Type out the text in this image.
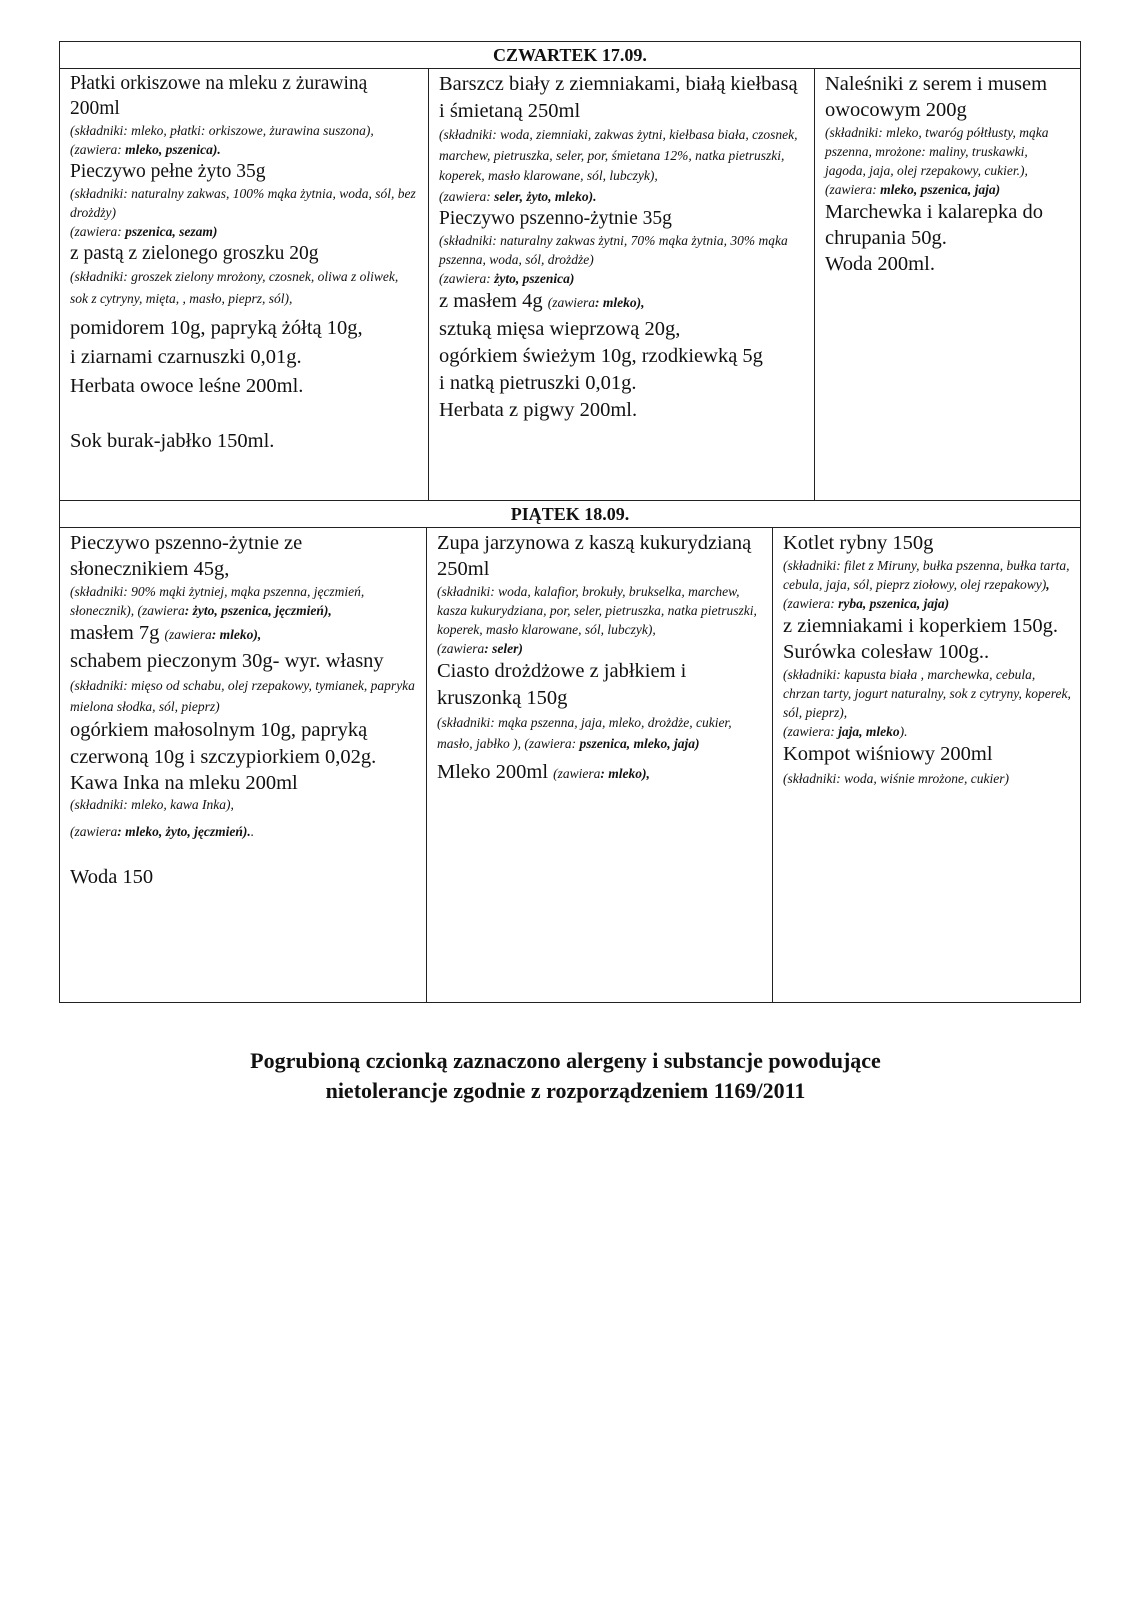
CZWARTEK 17.09.

Płatki orkiszowe na mleku z żurawiną 200ml

(składniki: mleko, płatki: orkiszowe, żurawina suszona),(zawiera: mleko, pszenica).

Pieczywo pełne żyto 35g

(składniki: naturalny zakwas, 100% mąka żytnia, woda, sól, bez drożdży)

(zawiera: pszenica, sezam)

z pastą z zielonego groszku 20g

(składniki: groszek zielony mrożony, czosnek, oliwa z oliwek, sok z cytryny, mięta, , masło, pieprz, sól),

pomidorem 10g, papryką żółtą 10g,

i ziarnami czarnuszki 0,01g.

Herbata owoce leśne 200ml.

Sok burak-jabłko 150ml.

Barszcz biały z ziemniakami, białą kiełbasą i śmietaną 250ml

(składniki: woda, ziemniaki, zakwas żytni, kiełbasa biała, czosnek, marchew, pietruszka, seler, por, śmietana 12%, natka pietruszki, koperek, masło klarowane, sól, lubczyk),

(zawiera: seler, żyto, mleko).

Pieczywo pszenno-żytnie 35g

(składniki: naturalny zakwas żytni, 70% mąka żytnia, 30% mąka pszenna, woda, sól, drożdże)

(zawiera: żyto, pszenica)

z masłem 4g (zawiera: mleko),

sztuką mięsa wieprzową 20g,

ogórkiem świeżym 10g, rzodkiewką 5g

i natką pietruszki 0,01g.

Herbata z pigwy 200ml.

Naleśniki z serem i musem owocowym 200g

(składniki: mleko, twaróg półtłusty, mąka pszenna, mrożone: maliny, truskawki, jagoda, jaja, olej rzepakowy, cukier.),

(zawiera: mleko, pszenica, jaja)

Marchewka i kalarepka do chrupania 50g.

Woda 200ml.

PIĄTEK 18.09.

Pieczywo pszenno-żytnie ze słonecznikiem 45g,

(składniki: 90% mąki żytniej, mąka pszenna, jęczmień, słonecznik), (zawiera: żyto, pszenica, jęczmień),

masłem 7g (zawiera: mleko),

schabem pieczonym 30g- wyr. własny

(składniki: mięso od schabu, olej rzepakowy, tymianek, papryka mielona słodka, sól, pieprz)

ogórkiem małosolnym 10g, papryką czerwoną 10g i szczypiorkiem 0,02g.

Kawa Inka na mleku 200ml

(składniki: mleko, kawa Inka),

(zawiera: mleko, żyto, jęczmień)..

Woda 150

Zupa jarzynowa z kaszą kukurydzianą 250ml

(składniki: woda, kalafior, brokuły, brukselka, marchew, kasza kukurydziana, por, seler, pietruszka, natka pietruszki, koperek, masło klarowane, sól, lubczyk),

(zawiera: seler)

Ciasto drożdżowe z jabłkiem i kruszonką 150g

(składniki: mąka pszenna, jaja, mleko, drożdże, cukier, masło, jabłko ), (zawiera: pszenica, mleko, jaja)

Mleko 200ml (zawiera: mleko),

Kotlet rybny 150g

(składniki: filet z Miruny, bułka pszenna, bułka tarta, cebula, jaja, sól, pieprz ziołowy, olej rzepakowy),

(zawiera: ryba, pszenica, jaja)

z ziemniakami i koperkiem 150g.

Surówka colesław 100g..

(składniki: kapusta biała , marchewka, cebula, chrzan tarty, jogurt naturalny, sok z cytryny, koperek, sól, pieprz),

(zawiera: jaja, mleko).

Kompot wiśniowy 200ml

(składniki: woda, wiśnie mrożone, cukier)

Pogrubioną czcionką zaznaczono alergeny i substancje powodujące
nietolerancje zgodnie z rozporządzeniem 1169/2011
